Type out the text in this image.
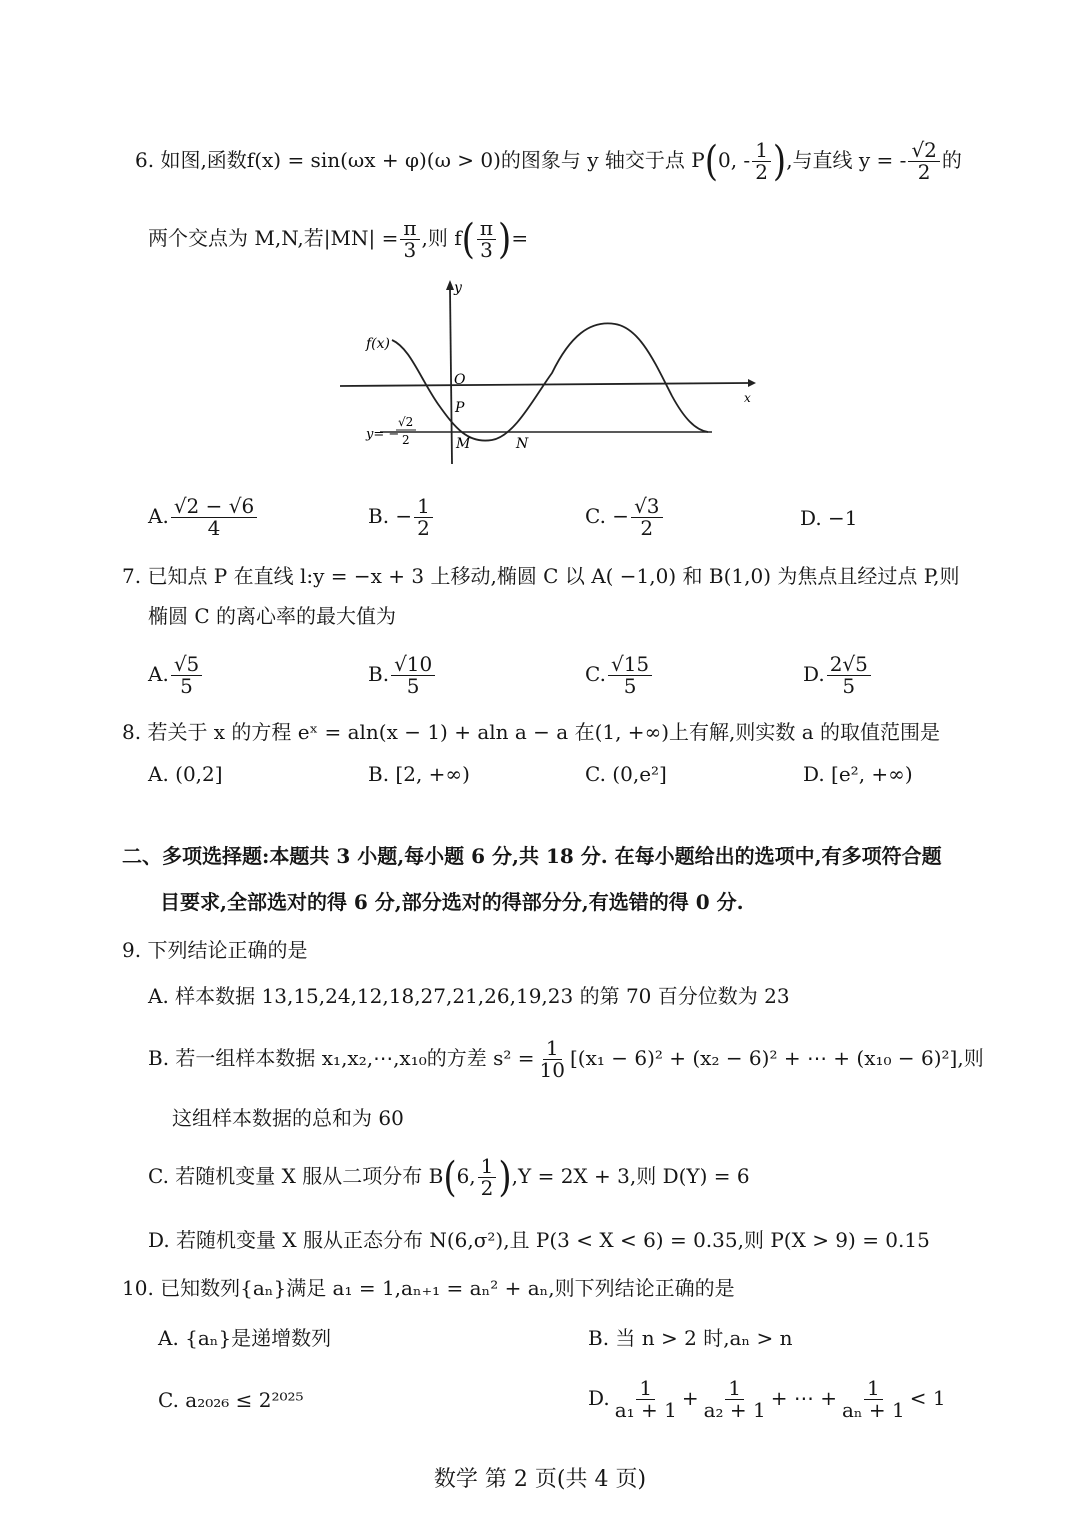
6. 如图,函数f(x) = sin(ωx + φ)(ω > 0)的图象与 y 轴交于点 P(0, - $\frac{1}{2}$ ),与直线 y = - $\frac{√2}{2}$ 的
两个交点为 M,N,若$|MN| = \frac{\pi}{3}$ ,则 $f( \frac{\pi}{3}$ )=
f(x)
y
x
O
P
M	N
y= −
√2
2
A. $\frac{√2 - √6}{4}$	B. − $\frac{1}{2}$	C. − $\frac{√3}{2}$	D. −1
7. 已知点 P 在直线 l:y = −x + 3 上移动,椭圆 C 以 A( −1,0) 和 B(1,0) 为焦点且经过点 P,则
椭圆 C 的离心率的最大值为
A. $\frac{√5}{5}$	B. $\frac{√10}{5}$	C. $\frac{√15}{5}$	D. $\frac{2√5}{5}$
8. 若关于 x 的方程 eˣ = aln(x − 1) + aln a − a 在(1, +∞)上有解,则实数 a 的取值范围是
A. (0,2]	B. [2, +∞)	C. (0,e²]	D. [e², +∞)
二、多项选择题:本题共 3 小题,每小题 6 分,共 18 分. 在每小题给出的选项中,有多项符合题
目要求,全部选对的得 6 分,部分选对的得部分分,有选错的得 0 分.
9. 下列结论正确的是
A. 样本数据 13,15,24,12,18,27,21,26,19,23 的第 70 百分位数为 23
B. 若一组样本数据 x₁,x₂,⋯,x₁₀的方差 $s^2 = \frac{1}{10} [(x_1 - 6)^2 + (x_2 - 6)^2$ + ⋯ + (x₁₀ − 6)²],则
这组样本数据的总和为 60
C. 若随机变量 X 服从二项分布 B(6, $\frac{1}{2} ),Y = 2X + 3$,则 D(Y) = 6
D. 若随机变量 X 服从正态分布 N(6,σ²),且 P(3 < X < 6) = 0.35,则 P(X > 9) = 0.15
10. 已知数列{aₙ}满足 a₁ = 1,aₙ₊₁ = aₙ² + aₙ,则下列结论正确的是
A. {aₙ}是递增数列	B. 当 n > 2 时,aₙ > n
C. a₂₀₂₆ ≤ 2²⁰²⁵	D. $\frac{1}{\text{a₁ + 1}} + \frac{1}{\text{a₂ + 1}}$ + ⋯ + $\frac{1}{\text{aₙ + 1}} < 1$
数学 第 2 页(共 4 页)
